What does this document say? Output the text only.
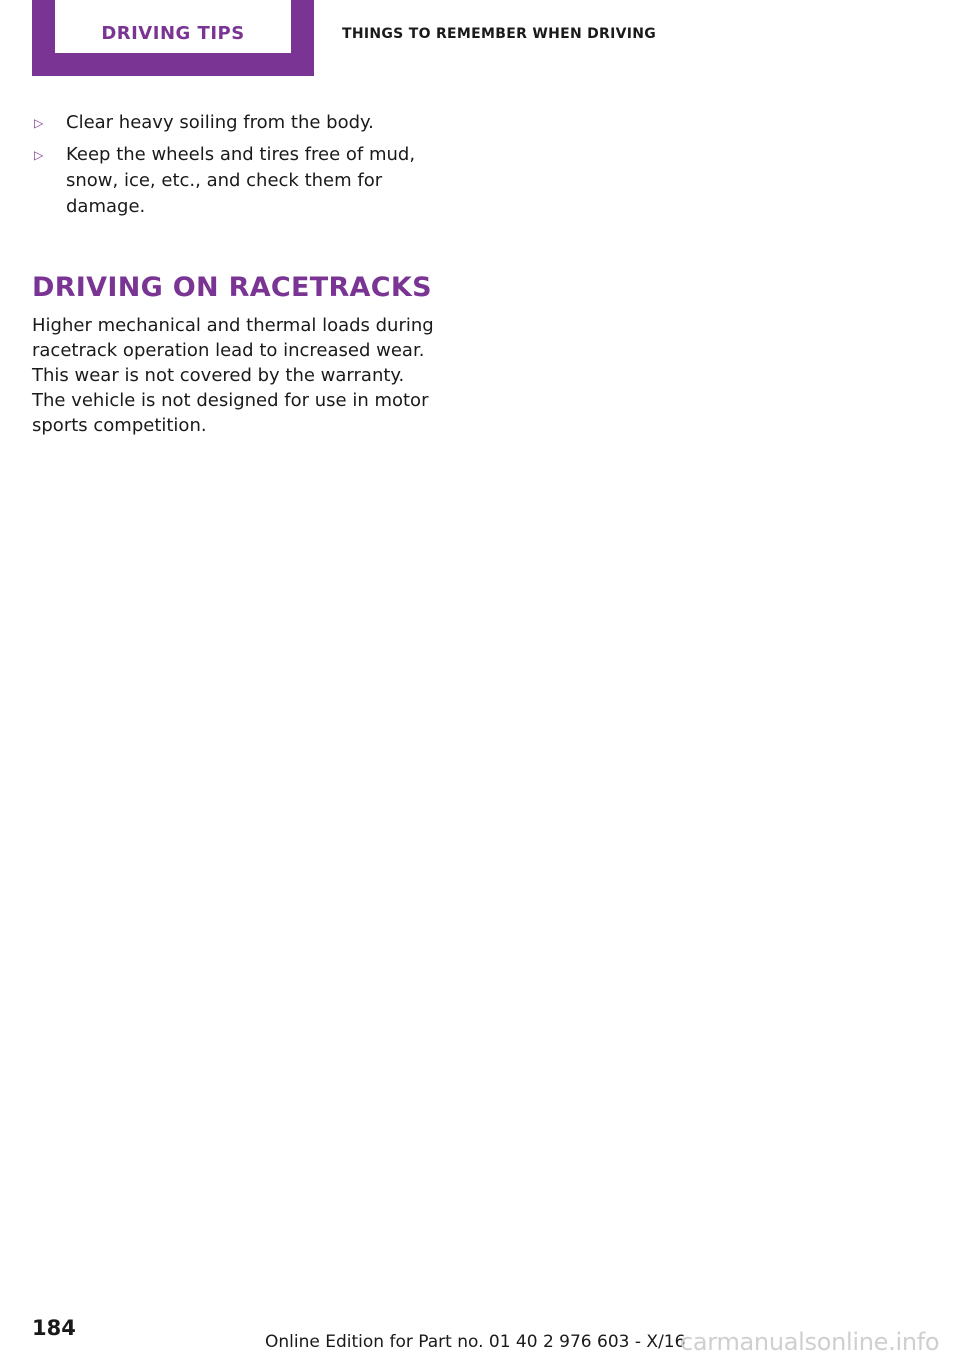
DRIVING TIPS	THINGS TO REMEMBER WHEN DRIVING
▷ Clear heavy soiling from the body.
▷ Keep the wheels and tires free of mud, snow, ice, etc., and check them for damage.
DRIVING ON RACETRACKS

Higher mechanical and thermal loads during racetrack operation lead to increased wear. This wear is not covered by the warranty. The vehicle is not designed for use in motor sports competition.

184
Online Edition for Part no. 01 40 2 976 603 - X/16
carmanualsonline.info
